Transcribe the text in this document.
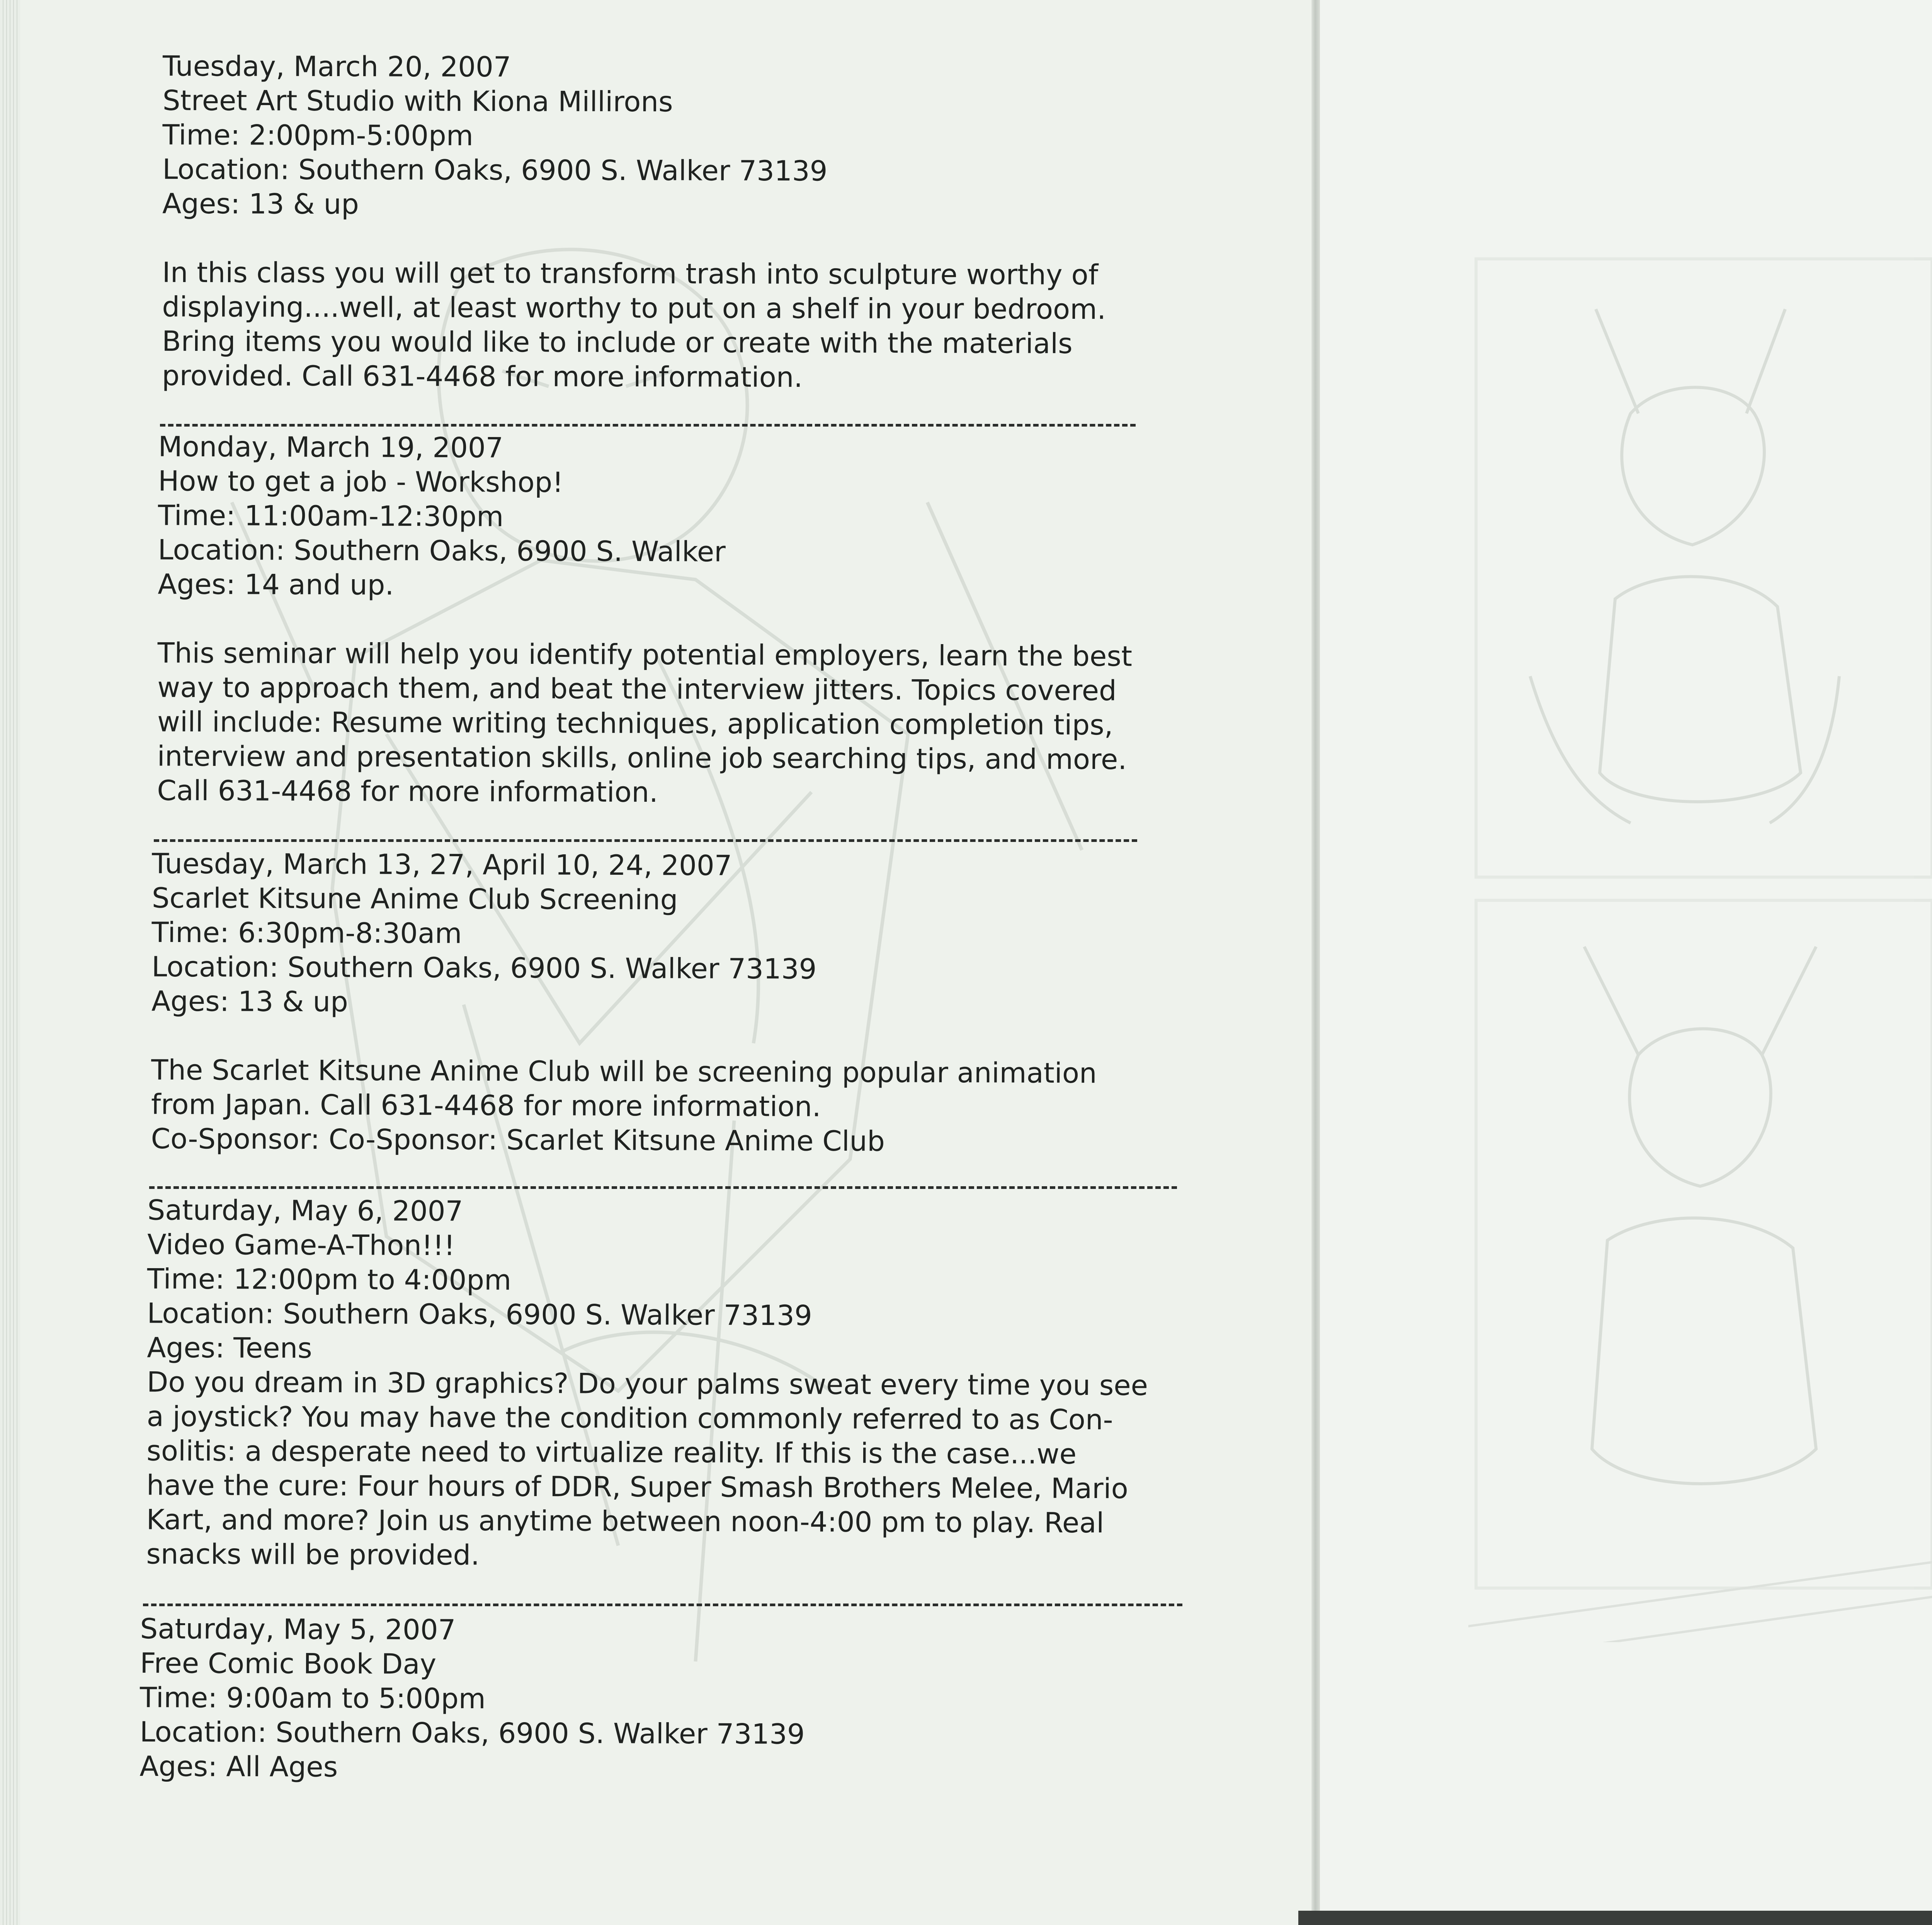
Tuesday, March 20, 2007
Street Art Studio with Kiona Millirons
Time: 2:00pm-5:00pm
Location: Southern Oaks, 6900 S. Walker 73139
Ages: 13 & up
In this class you will get to transform trash into sculpture worthy of
displaying....well, at least worthy to put on a shelf in your bedroom.
Bring items you would like to include or create with the materials
provided. Call 631-4468 for more information.
Monday, March 19, 2007
How to get a job - Workshop!
Time: 11:00am-12:30pm
Location: Southern Oaks, 6900 S. Walker
Ages: 14 and up.
This seminar will help you identify potential employers, learn the best
way to approach them, and beat the interview jitters. Topics covered
will include: Resume writing techniques, application completion tips,
interview and presentation skills, online job searching tips, and more.
Call 631-4468 for more information.
Tuesday, March 13, 27, April 10, 24, 2007
Scarlet Kitsune Anime Club Screening
Time: 6:30pm-8:30am
Location: Southern Oaks, 6900 S. Walker 73139
Ages: 13 & up
The Scarlet Kitsune Anime Club will be screening popular animation
from Japan. Call 631-4468 for more information.
Co-Sponsor: Co-Sponsor: Scarlet Kitsune Anime Club
Saturday, May 6, 2007
Video Game-A-Thon!!!
Time: 12:00pm to 4:00pm
Location: Southern Oaks, 6900 S. Walker 73139
Ages: Teens
Do you dream in 3D graphics? Do your palms sweat every time you see
a joystick? You may have the condition commonly referred to as Con-
solitis: a desperate need to virtualize reality. If this is the case...we
have the cure: Four hours of DDR, Super Smash Brothers Melee, Mario
Kart, and more? Join us anytime between noon-4:00 pm to play. Real
snacks will be provided.
Saturday, May 5, 2007
Free Comic Book Day
Time: 9:00am to 5:00pm
Location: Southern Oaks, 6900 S. Walker 73139
Ages: All Ages
